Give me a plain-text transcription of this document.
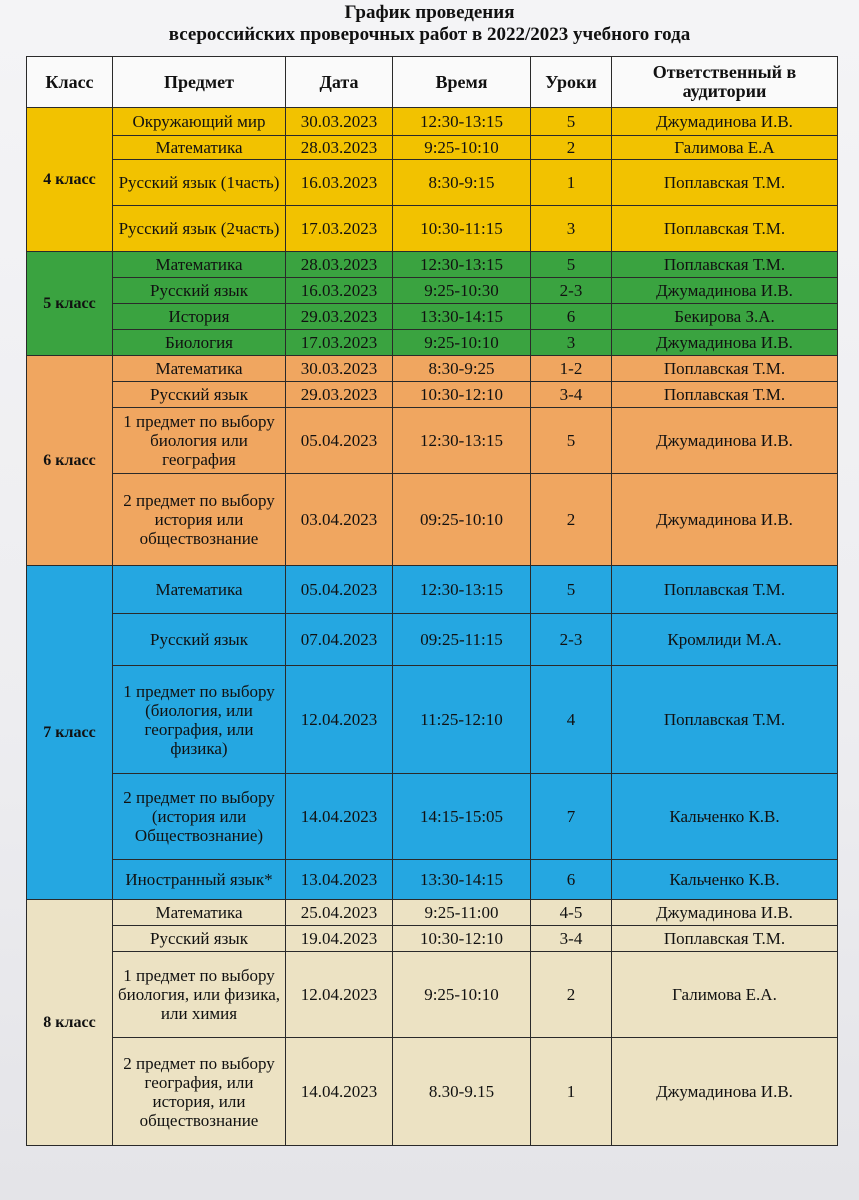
График проведения
всероссийских проверочных работ в 2022/2023 учебного года
Класс	Предмет	Дата	Время	Уроки	Ответственный в аудитории
4 класс	Окружающий мир	30.03.2023	12:30-13:15	5	Джумадинова И.В.
	Математика	28.03.2023	9:25-10:10	2	Галимова Е.А
	Русский язык (1часть)	16.03.2023	8:30-9:15	1	Поплавская Т.М.
	Русский язык (2часть)	17.03.2023	10:30-11:15	3	Поплавская Т.М.
5 класс	Математика	28.03.2023	12:30-13:15	5	Поплавская Т.М.
	Русский язык	16.03.2023	9:25-10:30	2-3	Джумадинова И.В.
	История	29.03.2023	13:30-14:15	6	Бекирова З.А.
	Биология	17.03.2023	9:25-10:10	3	Джумадинова И.В.
6 класс	Математика	30.03.2023	8:30-9:25	1-2	Поплавская Т.М.
	Русский язык	29.03.2023	10:30-12:10	3-4	Поплавская Т.М.
	1 предмет по выбору биология или география	05.04.2023	12:30-13:15	5	Джумадинова И.В.
	2 предмет по выбору история или обществознание	03.04.2023	09:25-10:10	2	Джумадинова И.В.
7 класс	Математика	05.04.2023	12:30-13:15	5	Поплавская Т.М.
	Русский язык	07.04.2023	09:25-11:15	2-3	Кромлиди М.А.
	1 предмет по выбору (биология, или география, или физика)	12.04.2023	11:25-12:10	4	Поплавская Т.М.
	2 предмет по выбору (история или Обществознание)	14.04.2023	14:15-15:05	7	Кальченко К.В.
	Иностранный язык*	13.04.2023	13:30-14:15	6	Кальченко К.В.
8 класс	Математика	25.04.2023	9:25-11:00	4-5	Джумадинова И.В.
	Русский язык	19.04.2023	10:30-12:10	3-4	Поплавская Т.М.
	1 предмет по выбору биология, или физика, или химия	12.04.2023	9:25-10:10	2	Галимова Е.А.
	2 предмет по выбору география, или история, или обществознание	14.04.2023	8.30-9.15	1	Джумадинова И.В.
